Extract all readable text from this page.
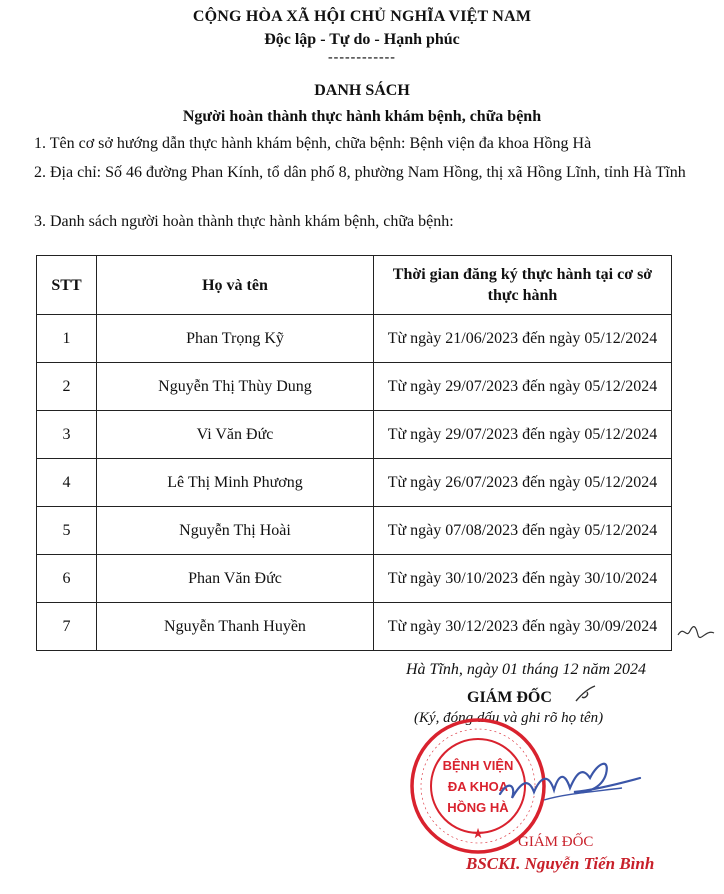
CỘNG HÒA XÃ HỘI CHỦ NGHĨA VIỆT NAM
Độc lập - Tự do - Hạnh phúc
------------
DANH SÁCH
Người hoàn thành thực hành khám bệnh, chữa bệnh
1. Tên cơ sở hướng dẫn thực hành khám bệnh, chữa bệnh: Bệnh viện đa khoa Hồng Hà
2. Địa chỉ: Số 46 đường Phan Kính, tổ dân phố 8, phường Nam Hồng, thị xã Hồng Lĩnh, tỉnh Hà Tĩnh
3. Danh sách người hoàn thành thực hành khám bệnh, chữa bệnh:
STT	Họ và tên	Thời gian đăng ký thực hành tại cơ sở thực hành
1	Phan Trọng Kỹ	Từ ngày 21/06/2023 đến ngày 05/12/2024
2	Nguyễn Thị Thùy Dung	Từ ngày 29/07/2023 đến ngày 05/12/2024
3	Vi Văn Đức	Từ ngày 29/07/2023 đến ngày 05/12/2024
4	Lê Thị Minh Phương	Từ ngày 26/07/2023 đến ngày 05/12/2024
5	Nguyễn Thị Hoài	Từ ngày 07/08/2023 đến ngày 05/12/2024
6	Phan Văn Đức	Từ ngày 30/10/2023 đến ngày 30/10/2024
7	Nguyễn Thanh Huyền	Từ ngày 30/12/2023 đến ngày 30/09/2024
Hà Tĩnh, ngày 01 tháng 12 năm 2024
GIÁM ĐỐC
(Ký, đóng dấu và ghi rõ họ tên)
BỆNH VIỆN
ĐA KHOA
HỒNG HÀ
★
GIÁM ĐỐC
BSCKI. Nguyễn Tiến Bình
